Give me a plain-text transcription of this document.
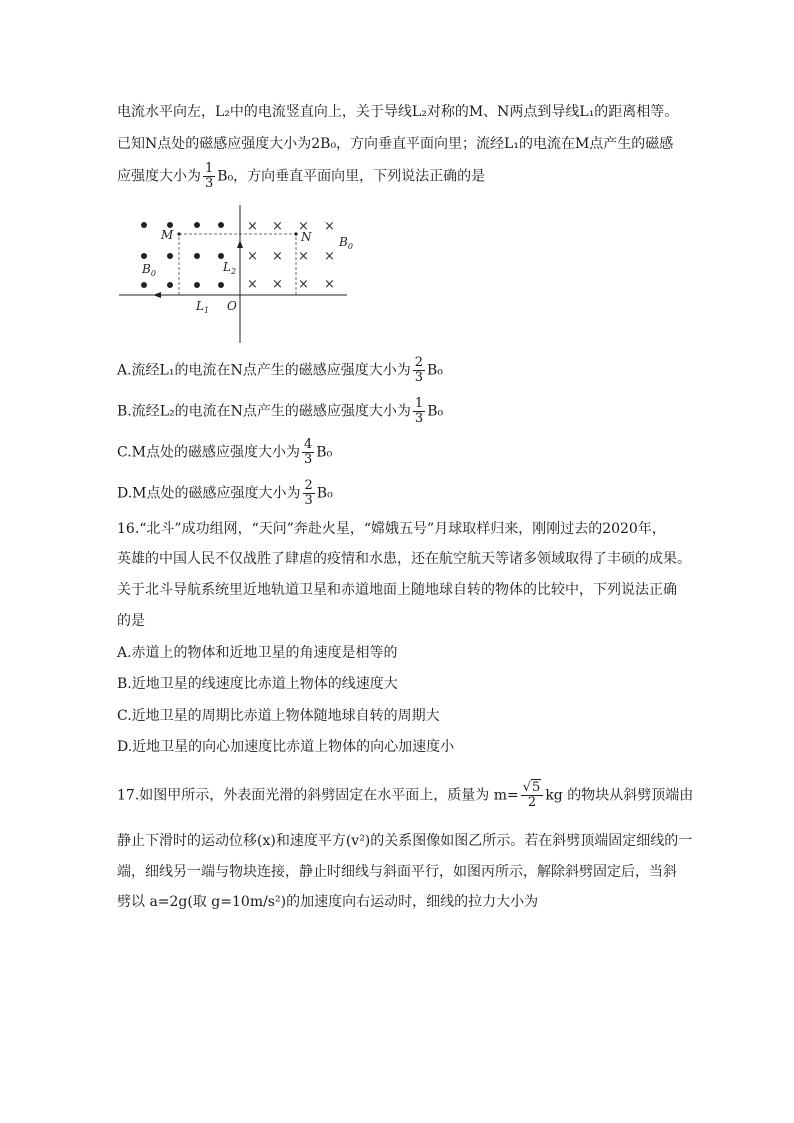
电流水平向左，L₂中的电流竖直向上，关于导线L₂对称的M、N两点到导线L₁的距离相等。
已知N点处的磁感应强度大小为2B₀，方向垂直平面向里；流经L₁的电流在M点产生的磁感
应强度大小为 $\frac{1}{3} B_0$，方向垂直平面向里，下列说法正确的是
× × × ×
× × × ×
× × × ×
M	N $B_0$
$B_0$	$L_2$
$L_1$ O
A.流经L₁的电流在N点产生的磁感应强度大小为 $\frac{2}{3} B_0$
B.流经L₂的电流在N点产生的磁感应强度大小为 $\frac{1}{3} B_0$
C.M点处的磁感应强度大小为 $\frac{4}{3} B_0$
D.M点处的磁感应强度大小为 $\frac{2}{3} B_0$
16.“北斗”成功组网，“天问”奔赴火星，“嫦娥五号”月球取样归来，刚刚过去的2020年，
英雄的中国人民不仅战胜了肆虐的疫情和水患，还在航空航天等诸多领域取得了丰硕的成果。
关于北斗导航系统里近地轨道卫星和赤道地面上随地球自转的物体的比较中，下列说法正确
的是
A.赤道上的物体和近地卫星的角速度是相等的
B.近地卫星的线速度比赤道上物体的线速度大
C.近地卫星的周期比赤道上物体随地球自转的周期大
D.近地卫星的向心加速度比赤道上物体的向心加速度小
17.如图甲所示，外表面光滑的斜劈固定在水平面上，质量为 $m= \frac{√5}{2}$ kg 的物块从斜劈顶端由
静止下滑时的运动位移(x)和速度平方(v²)的关系图像如图乙所示。若在斜劈顶端固定细线的一
端，细线另一端与物块连接，静止时细线与斜面平行，如图丙所示，解除斜劈固定后，当斜
劈以 a=2g(取 g=10m/s²)的加速度向右运动时，细线的拉力大小为
